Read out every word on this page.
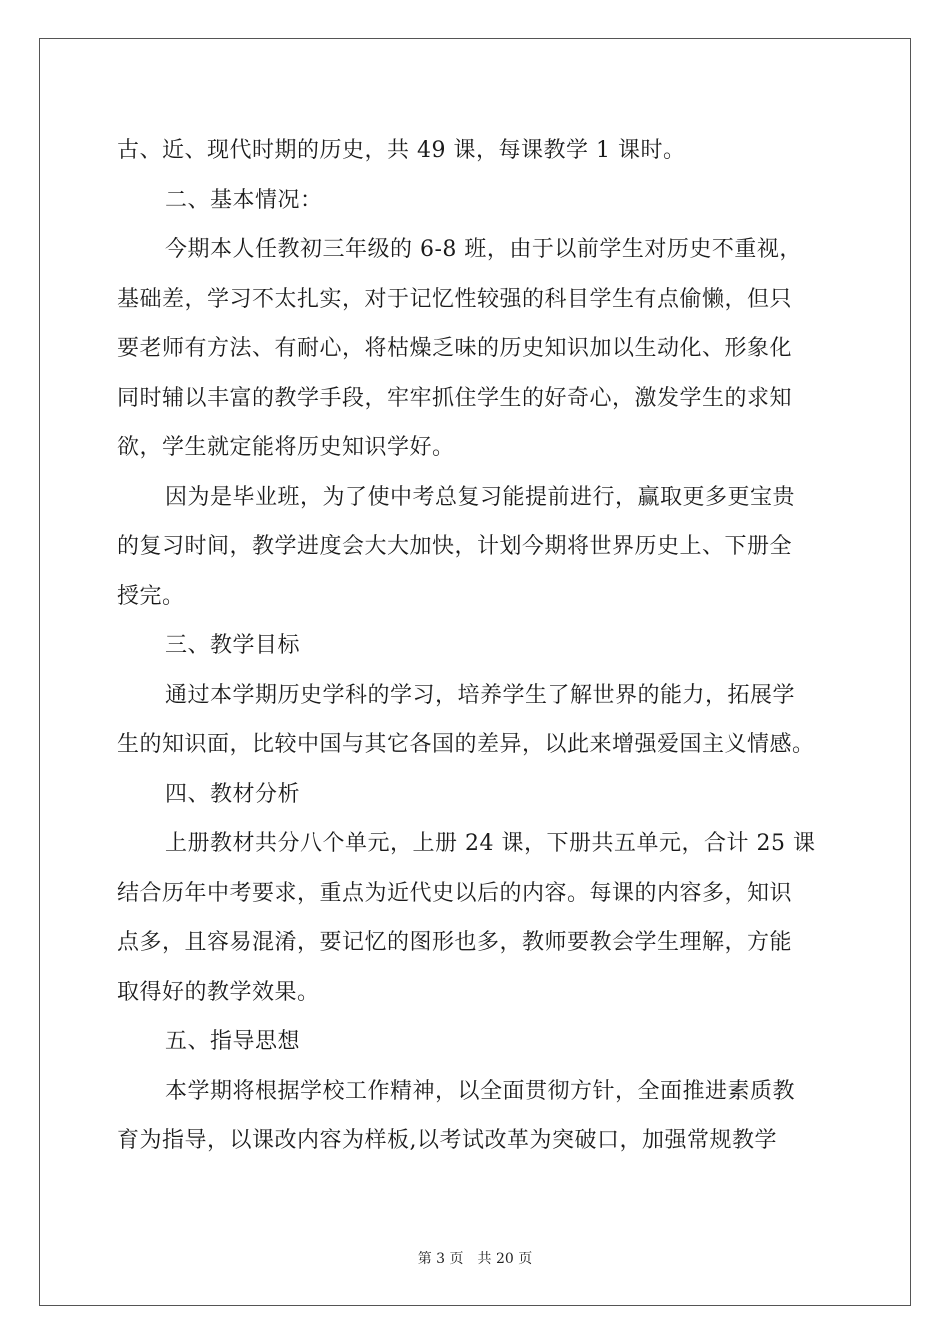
古、近、现代时期的历史，共 49 课，每课教学 1 课时。
二、基本情况：
今期本人任教初三年级的 6-8 班，由于以前学生对历史不重视，
基础差，学习不太扎实，对于记忆性较强的科目学生有点偷懒，但只
要老师有方法、有耐心，将枯燥乏味的历史知识加以生动化、形象化
同时辅以丰富的教学手段，牢牢抓住学生的好奇心，激发学生的求知
欲，学生就定能将历史知识学好。
因为是毕业班，为了使中考总复习能提前进行，赢取更多更宝贵
的复习时间，教学进度会大大加快，计划今期将世界历史上、下册全
授完。
三、教学目标
通过本学期历史学科的学习，培养学生了解世界的能力，拓展学
生的知识面，比较中国与其它各国的差异，以此来增强爱国主义情感。
四、教材分析
上册教材共分八个单元，上册 24 课，下册共五单元，合计 25 课
结合历年中考要求，重点为近代史以后的内容。每课的内容多，知识
点多，且容易混淆，要记忆的图形也多，教师要教会学生理解，方能
取得好的教学效果。
五、指导思想
本学期将根据学校工作精神，以全面贯彻方针，全面推进素质教
育为指导，以课改内容为样板,以考试改革为突破口，加强常规教学
第 3 页 共 20 页
